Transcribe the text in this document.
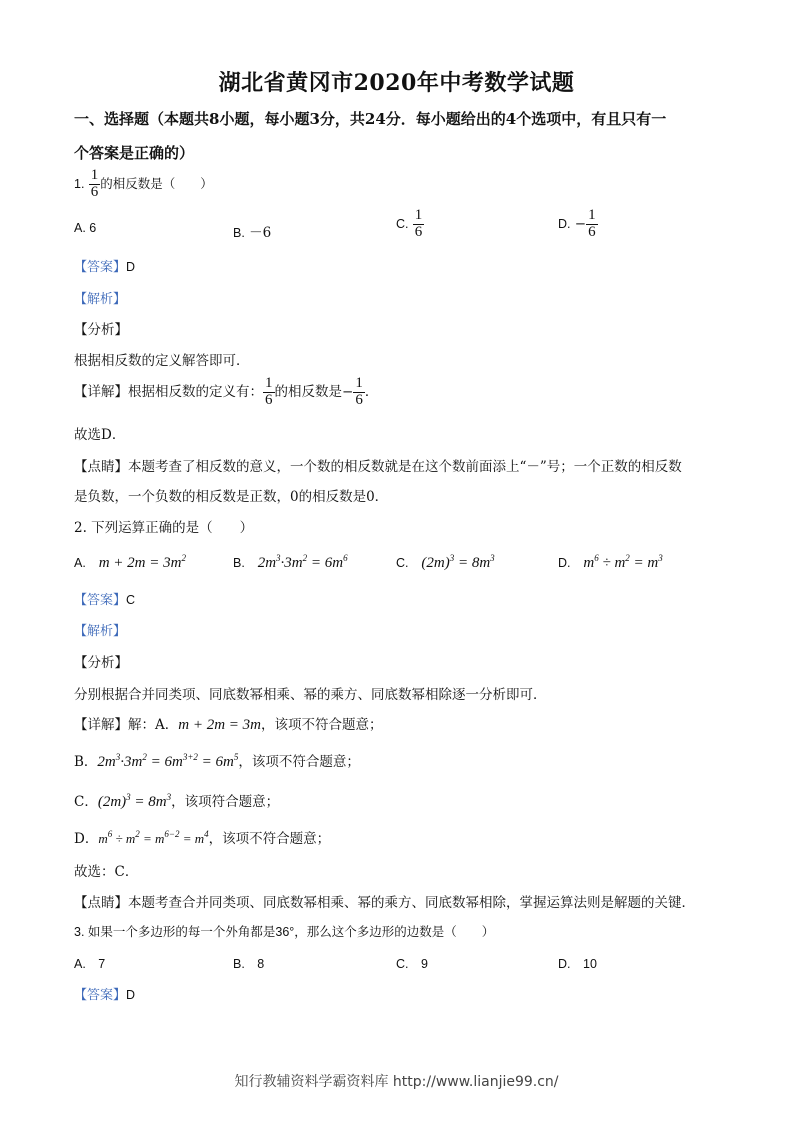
湖北省黄冈市2020年中考数学试题
一、选择题（本题共8小题，每小题3分，共24分．每小题给出的4个选项中，有且只有一
个答案是正确的）
1. $\frac{1}{6}$ 的相反数是（　　）
A. 6	B. －6
C. $\frac{1}{6}$	D. − $\frac{1}{6}$
【答案】D
【解析】
【分析】
根据相反数的定义解答即可．
【详解】根据相反数的定义有： $\frac{1}{6}$ 的相反数是− $\frac{1}{6}$ ．
故选D．
【点睛】本题考查了相反数的意义，一个数的相反数就是在这个数前面添上“－”号；一个正数的相反数
是负数，一个负数的相反数是正数，0的相反数是0．
2. 下列运算正确的是（　　）
A. $m + 2m = 3m^2$	B. $2m^3\cdot 3m^2 = 6m^6$	C. $(2m)^3 = 8m^3$	D. $m^6 \div m^2 = m^3$
【答案】C
【解析】
【分析】
分别根据合并同类项、同底数幂相乘、幂的乘方、同底数幂相除逐一分析即可．
【详解】解：A．m + 2m = 3m，该项不符合题意；
B．$2m^3\cdot 3m^2 = 6m^{3+2} = 6m^5$，该项不符合题意；
C．$(2m)^3 = 8m^3$，该项符合题意；
D．$m^6 \div m^2 = m^{6-2} = m^4$，该项不符合题意；
故选：C．
【点睛】本题考查合并同类项、同底数幂相乘、幂的乘方、同底数幂相除，掌握运算法则是解题的关键．
3. 如果一个多边形的每一个外角都是36°，那么这个多边形的边数是（　　）
A.　7	B.　8	C.　9	D.　10
【答案】D
知行教辅资料学霸资料库 http://www.lianjie99.cn/
